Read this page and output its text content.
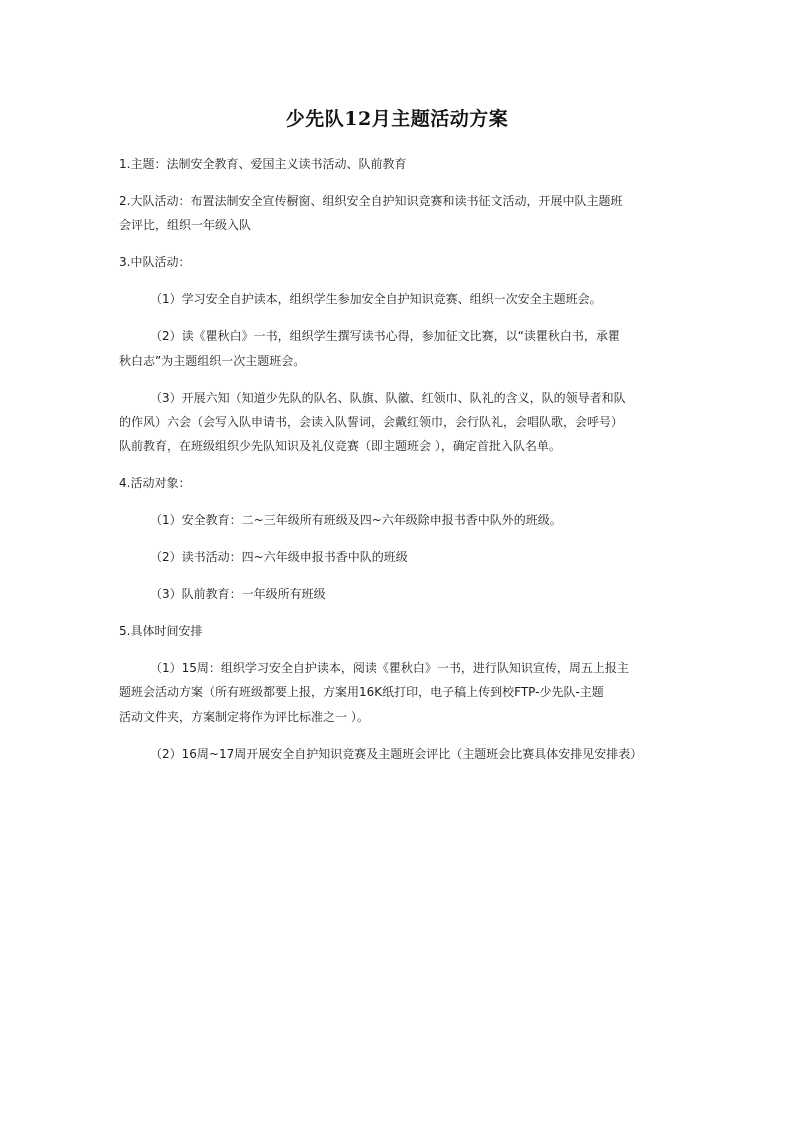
少先队12月主题活动方案
1.主题：法制安全教育、爱国主义读书活动、队前教育
2.大队活动：布置法制安全宣传橱窗、组织安全自护知识竞赛和读书征文活动，开展中队主题班
会评比，组织一年级入队
3.中队活动：
（1）学习安全自护读本，组织学生参加安全自护知识竞赛、组织一次安全主题班会。
（2）读《瞿秋白》一书，组织学生撰写读书心得，参加征文比赛，以“读瞿秋白书，承瞿
秋白志”为主题组织一次主题班会。
（3）开展六知（知道少先队的队名、队旗、队徽、红领巾、队礼的含义，队的领导者和队
的作风）六会（会写入队申请书，会读入队誓词，会戴红领巾，会行队礼，会唱队歌，会呼号）
队前教育，在班级组织少先队知识及礼仪竞赛（即主题班会 ），确定首批入队名单。
4.活动对象：
（1）安全教育：二~三年级所有班级及四~六年级除申报书香中队外的班级。
（2）读书活动：四~六年级申报书香中队的班级
（3）队前教育：一年级所有班级
5.具体时间安排
（1）15周：组织学习安全自护读本，阅读《瞿秋白》一书，进行队知识宣传，周五上报主
题班会活动方案（所有班级都要上报，方案用16K纸打印，电子稿上传到校FTP-少先队-主题
活动文件夹，方案制定将作为评比标准之一 ）。
（2）16周~17周开展安全自护知识竞赛及主题班会评比（主题班会比赛具体安排见安排表）
